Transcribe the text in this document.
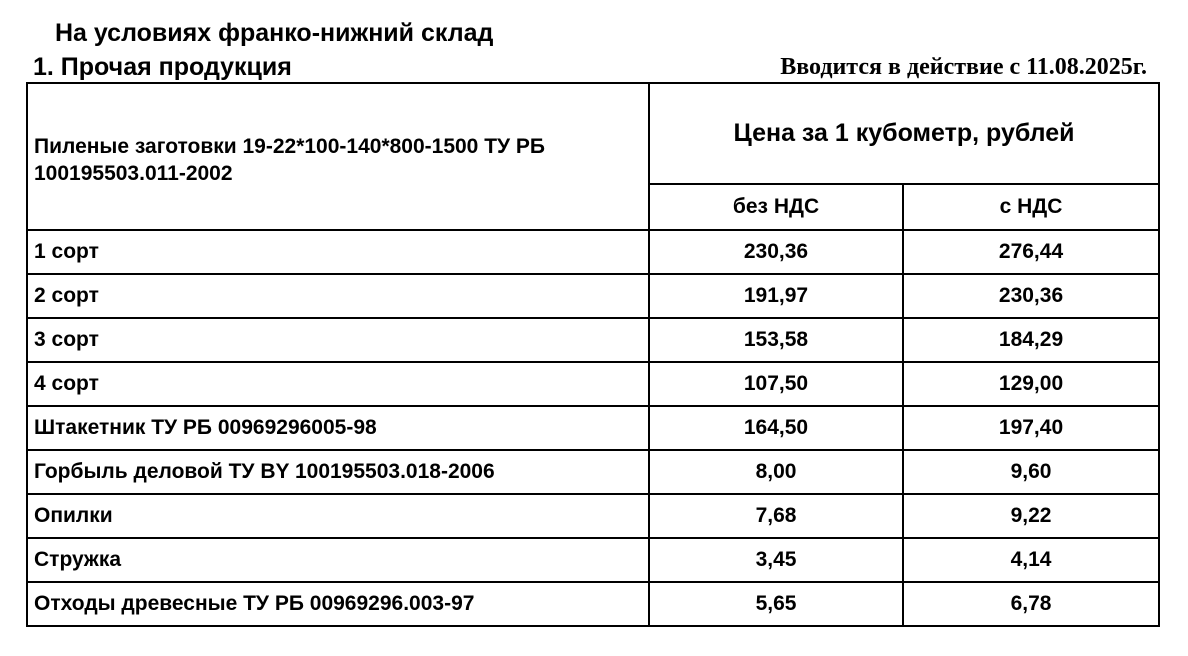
На условиях франко-нижний склад
1. Прочая продукция	Вводится в действие с 11.08.2025г.
Пиленые заготовки 19-22*100-140*800-1500 ТУ РБ 100195503.011-2002	Цена за 1 кубометр, рублей	
	без НДС	с НДС
1 сорт	230,36	276,44
2 сорт	191,97	230,36
3 сорт	153,58	184,29
4 сорт	107,50	129,00
Штакетник ТУ РБ 00969296005-98	164,50	197,40
Горбыль деловой ТУ BY 100195503.018-2006	8,00	9,60
Опилки	7,68	9,22
Стружка	3,45	4,14
Отходы древесные ТУ РБ 00969296.003-97	5,65	6,78
